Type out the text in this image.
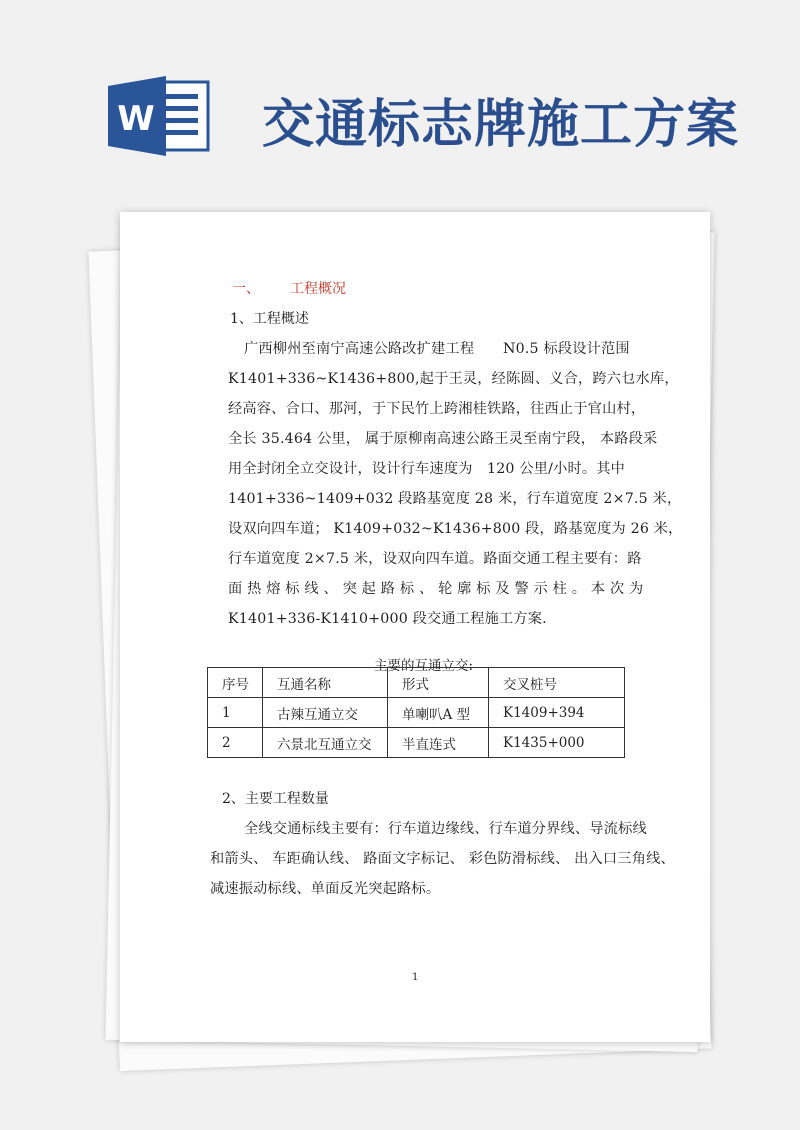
W 交通标志牌施工方案
一、 工程概况
1、工程概述
广西柳州至南宁高速公路改扩建工程　　N0.5 标段设计范围
K1401+336~K1436+800,起于王灵，经陈圆、义合，跨六乜水库，
经高容、合口、那河，于下民竹上跨湘桂铁路，往西止于官山村，
全长 35.464 公里， 属于原柳南高速公路王灵至南宁段， 本路段采
用全封闭全立交设计，设计行车速度为　120 公里/小时。其中
1401+336~1409+032 段路基宽度 28 米，行车道宽度 2×7.5 米，
设双向四车道； K1409+032~K1436+800 段，路基宽度为 26 米，
行车道宽度 2×7.5 米，设双向四车道。路面交通工程主要有：路
面 热 熔 标 线 、 突 起 路 标 、 轮 廓 标 及 警 示 柱 。 本 次 为
K1401+336-K1410+000 段交通工程施工方案.
主要的互通立交:
序号	互通名称	形式	交叉桩号
1	古辣互通立交	单喇叭A 型	K1409+394
2	六景北互通立交	半直连式	K1435+000
2、主要工程数量
全线交通标线主要有：行车道边缘线、行车道分界线、导流标线
和箭头、 车距确认线、 路面文字标记、 彩色防滑标线、 出入口三角线、
减速振动标线、单面反光突起路标。
1
